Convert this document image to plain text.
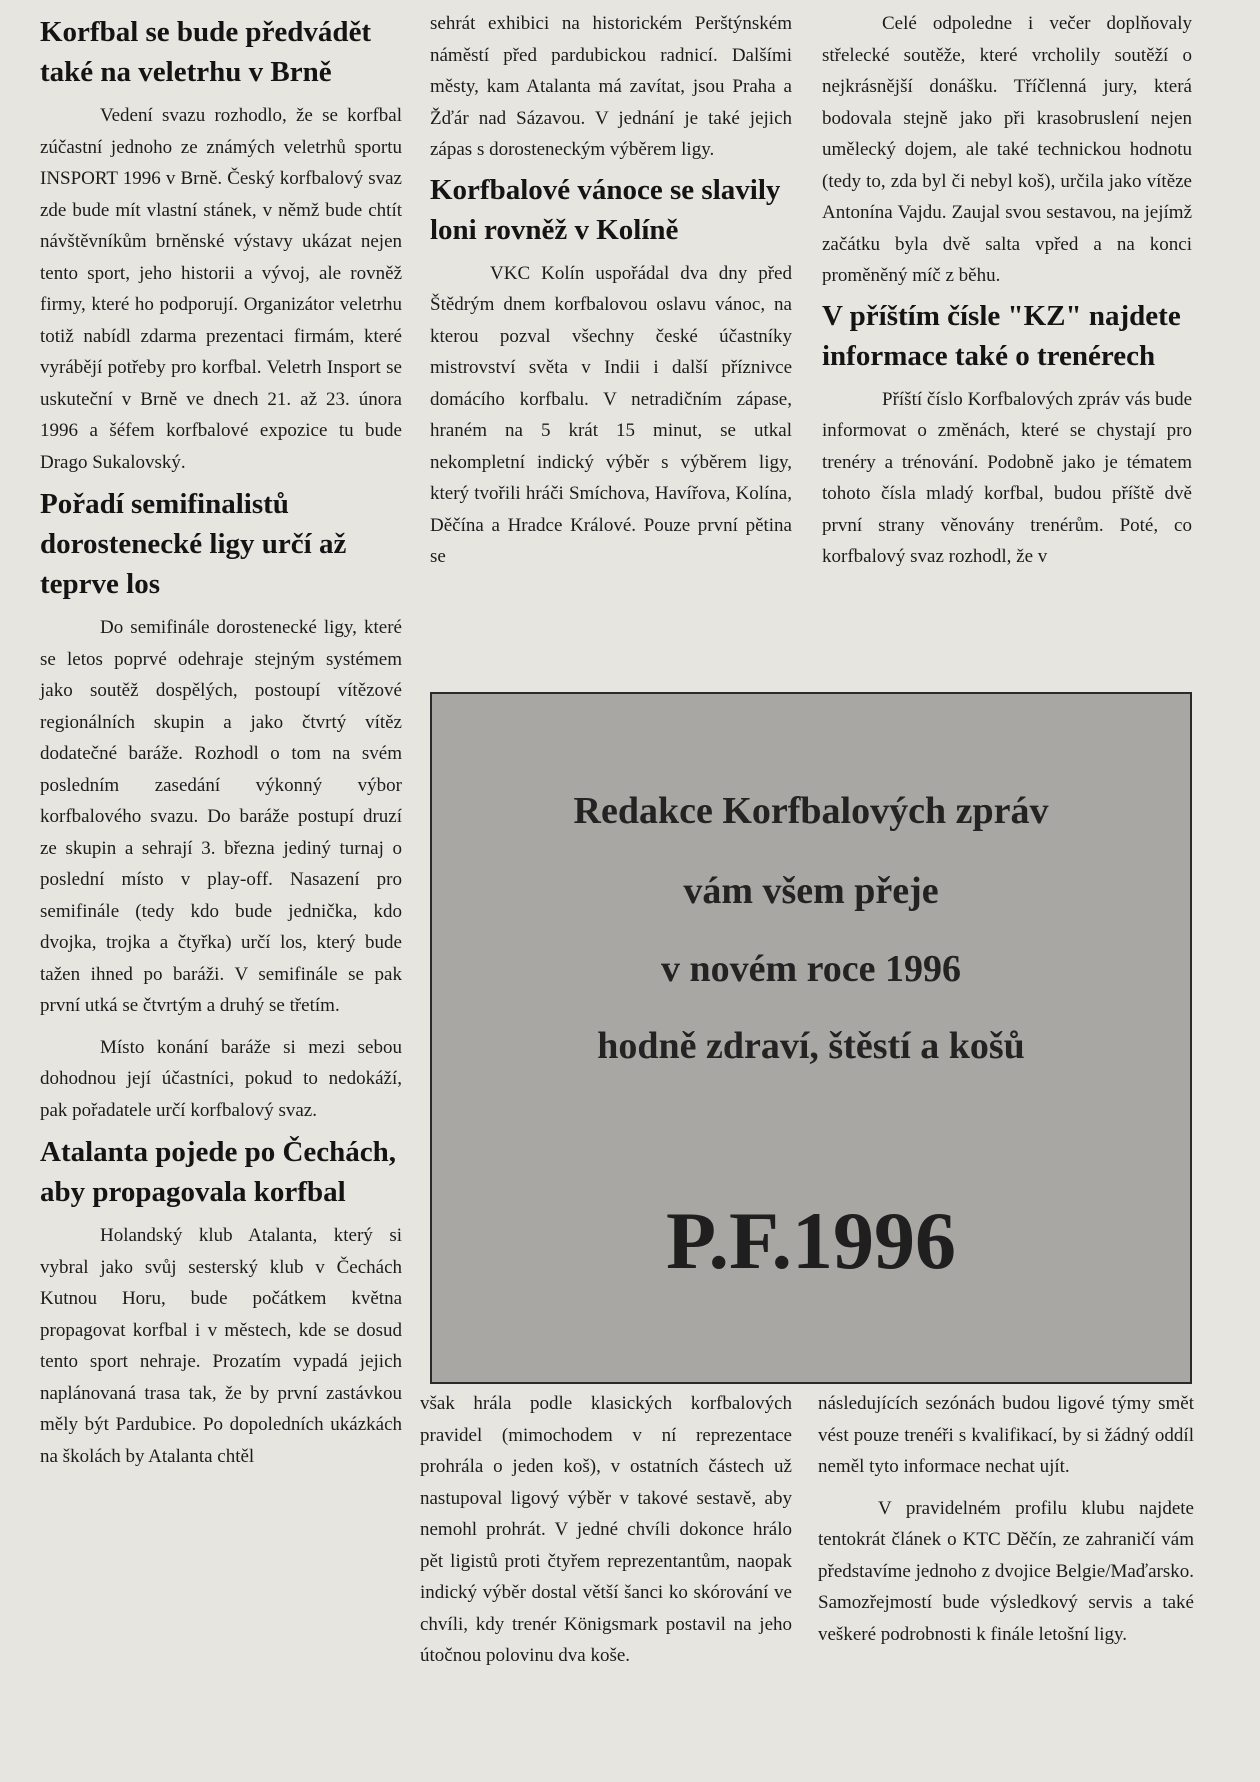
Korfbal se bude předvádět také na veletrhu v Brně

Vedení svazu rozhodlo, že se korfbal zúčastní jednoho ze známých veletrhů sportu INSPORT 1996 v Brně. Český korfbalový svaz zde bude mít vlastní stánek, v němž bude chtít návštěvníkům brněnské výstavy ukázat nejen tento sport, jeho historii a vývoj, ale rovněž firmy, které ho podporují. Organizátor veletrhu totiž nabídl zdarma prezentaci firmám, které vyrábějí potřeby pro korfbal. Veletrh Insport se uskuteční v Brně ve dnech 21. až 23. února 1996 a šéfem korfbalové expozice tu bude Drago Sukalovský.

Pořadí semifinalistů dorostenecké ligy určí až teprve los

Do semifinále dorostenecké ligy, které se letos poprvé odehraje stejným systémem jako soutěž dospělých, postoupí vítězové regionálních skupin a jako čtvrtý vítěz dodatečné baráže. Rozhodl o tom na svém posledním zasedání výkonný výbor korfbalového svazu. Do baráže postupí druzí ze skupin a sehrají 3. března jediný turnaj o poslední místo v play-off. Nasazení pro semifinále (tedy kdo bude jednička, kdo dvojka, trojka a čtyřka) určí los, který bude tažen ihned po baráži. V semifinále se pak první utká se čtvrtým a druhý se třetím.

Místo konání baráže si mezi sebou dohodnou její účastníci, pokud to nedokáží, pak pořadatele určí korfbalový svaz.

Atalanta pojede po Čechách, aby propagovala korfbal

Holandský klub Atalanta, který si vybral jako svůj sesterský klub v Čechách Kutnou Horu, bude počátkem května propagovat korfbal i v městech, kde se dosud tento sport nehraje. Prozatím vypadá jejich naplánovaná trasa tak, že by první zastávkou měly být Pardubice. Po dopoledních ukázkách na školách by Atalanta chtěl

sehrát exhibici na historickém Perštýnském náměstí před pardubickou radnicí. Dalšími městy, kam Atalanta má zavítat, jsou Praha a Žďár nad Sázavou. V jednání je také jejich zápas s dorosteneckým výběrem ligy.

Korfbalové vánoce se slavily loni rovněž v Kolíně

VKC Kolín uspořádal dva dny před Štědrým dnem korfbalovou oslavu vánoc, na kterou pozval všechny české účastníky mistrovství světa v Indii i další příznivce domácího korfbalu. V netradičním zápase, hraném na 5 krát 15 minut, se utkal nekompletní indický výběr s výběrem ligy, který tvořili hráči Smíchova, Havířova, Kolína, Děčína a Hradce Králové. Pouze první pětina se

Celé odpoledne i večer doplňovaly střelecké soutěže, které vrcholily soutěží o nejkrásnější donášku. Tříčlenná jury, která bodovala stejně jako při krasobruslení nejen umělecký dojem, ale také technickou hodnotu (tedy to, zda byl či nebyl koš), určila jako vítěze Antonína Vajdu. Zaujal svou sestavou, na jejímž začátku byla dvě salta vpřed a na konci proměněný míč z běhu.

V příštím čísle "KZ" najdete informace také o trenérech

Příští číslo Korfbalových zpráv vás bude informovat o změnách, které se chystají pro trenéry a trénování. Podobně jako je tématem tohoto čísla mladý korfbal, budou příště dvě první strany věnovány trenérům. Poté, co korfbalový svaz rozhodl, že v

Redakce Korfbalových zpráv
vám všem přeje
v novém roce 1996
hodně zdraví, štěstí a košů
P.F.1996

však hrála podle klasických korfbalových pravidel (mimochodem v ní reprezentace prohrála o jeden koš), v ostatních částech už nastupoval ligový výběr v takové sestavě, aby nemohl prohrát. V jedné chvíli dokonce hrálo pět ligistů proti čtyřem reprezentantům, naopak indický výběr dostal větší šanci ko skórování ve chvíli, kdy trenér Königsmark postavil na jeho útočnou polovinu dva koše.

následujících sezónách budou ligové týmy smět vést pouze trenéři s kvalifikací, by si žádný oddíl neměl tyto informace nechat ujít.

V pravidelném profilu klubu najdete tentokrát článek o KTC Děčín, ze zahraničí vám představíme jednoho z dvojice Belgie/Maďarsko. Samozřejmostí bude výsledkový servis a také veškeré podrobnosti k finále letošní ligy.
